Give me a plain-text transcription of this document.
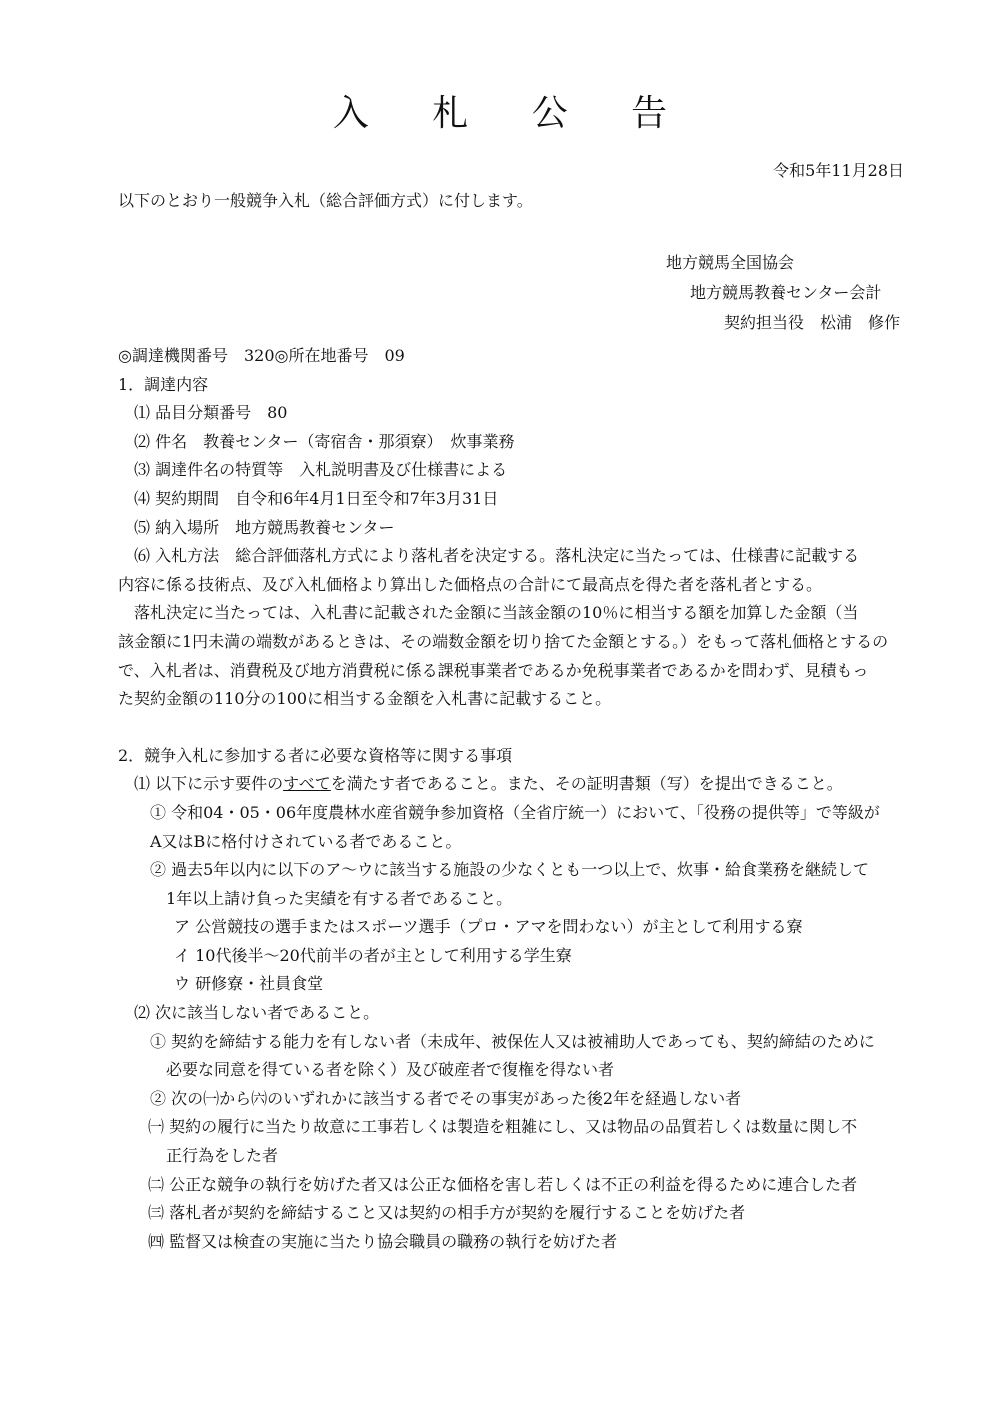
入 札 公 告
令和5年11月28日
以下のとおり一般競争入札（総合評価方式）に付します。
地方競馬全国協会
地方競馬教養センター会計
契約担当役　松浦　修作
◎調達機関番号　320◎所在地番号　09
1．調達内容
⑴ 品目分類番号　80
⑵ 件名　教養センター（寄宿舎・那須寮）　炊事業務
⑶ 調達件名の特質等　入札説明書及び仕様書による
⑷ 契約期間　自令和6年4月1日至令和7年3月31日
⑸ 納入場所　地方競馬教養センター
⑹ 入札方法　総合評価落札方式により落札者を決定する。落札決定に当たっては、仕様書に記載する
内容に係る技術点、及び入札価格より算出した価格点の合計にて最高点を得た者を落札者とする。
　落札決定に当たっては、入札書に記載された金額に当該金額の10％に相当する額を加算した金額（当
該金額に1円未満の端数があるときは、その端数金額を切り捨てた金額とする。）をもって落札価格とするの
で、入札者は、消費税及び地方消費税に係る課税事業者であるか免税事業者であるかを問わず、見積もっ
た契約金額の110分の100に相当する金額を入札書に記載すること。
2．競争入札に参加する者に必要な資格等に関する事項
⑴ 以下に示す要件のすべてを満たす者であること。また、その証明書類（写）を提出できること。
① 令和04・05・06年度農林水産省競争参加資格（全省庁統一）において、「役務の提供等」で等級が
A又はBに格付けされている者であること。
② 過去5年以内に以下のア～ウに該当する施設の少なくとも一つ以上で、炊事・給食業務を継続して
1年以上請け負った実績を有する者であること。
ア 公営競技の選手またはスポーツ選手（プロ・アマを問わない）が主として利用する寮
イ 10代後半～20代前半の者が主として利用する学生寮
ウ 研修寮・社員食堂
⑵ 次に該当しない者であること。
① 契約を締結する能力を有しない者（未成年、被保佐人又は被補助人であっても、契約締結のために
必要な同意を得ている者を除く）及び破産者で復権を得ない者
② 次の㈠から㈥のいずれかに該当する者でその事実があった後2年を経過しない者
㈠ 契約の履行に当たり故意に工事若しくは製造を粗雑にし、又は物品の品質若しくは数量に関し不
正行為をした者
㈡ 公正な競争の執行を妨げた者又は公正な価格を害し若しくは不正の利益を得るために連合した者
㈢ 落札者が契約を締結すること又は契約の相手方が契約を履行することを妨げた者
㈣ 監督又は検査の実施に当たり協会職員の職務の執行を妨げた者
